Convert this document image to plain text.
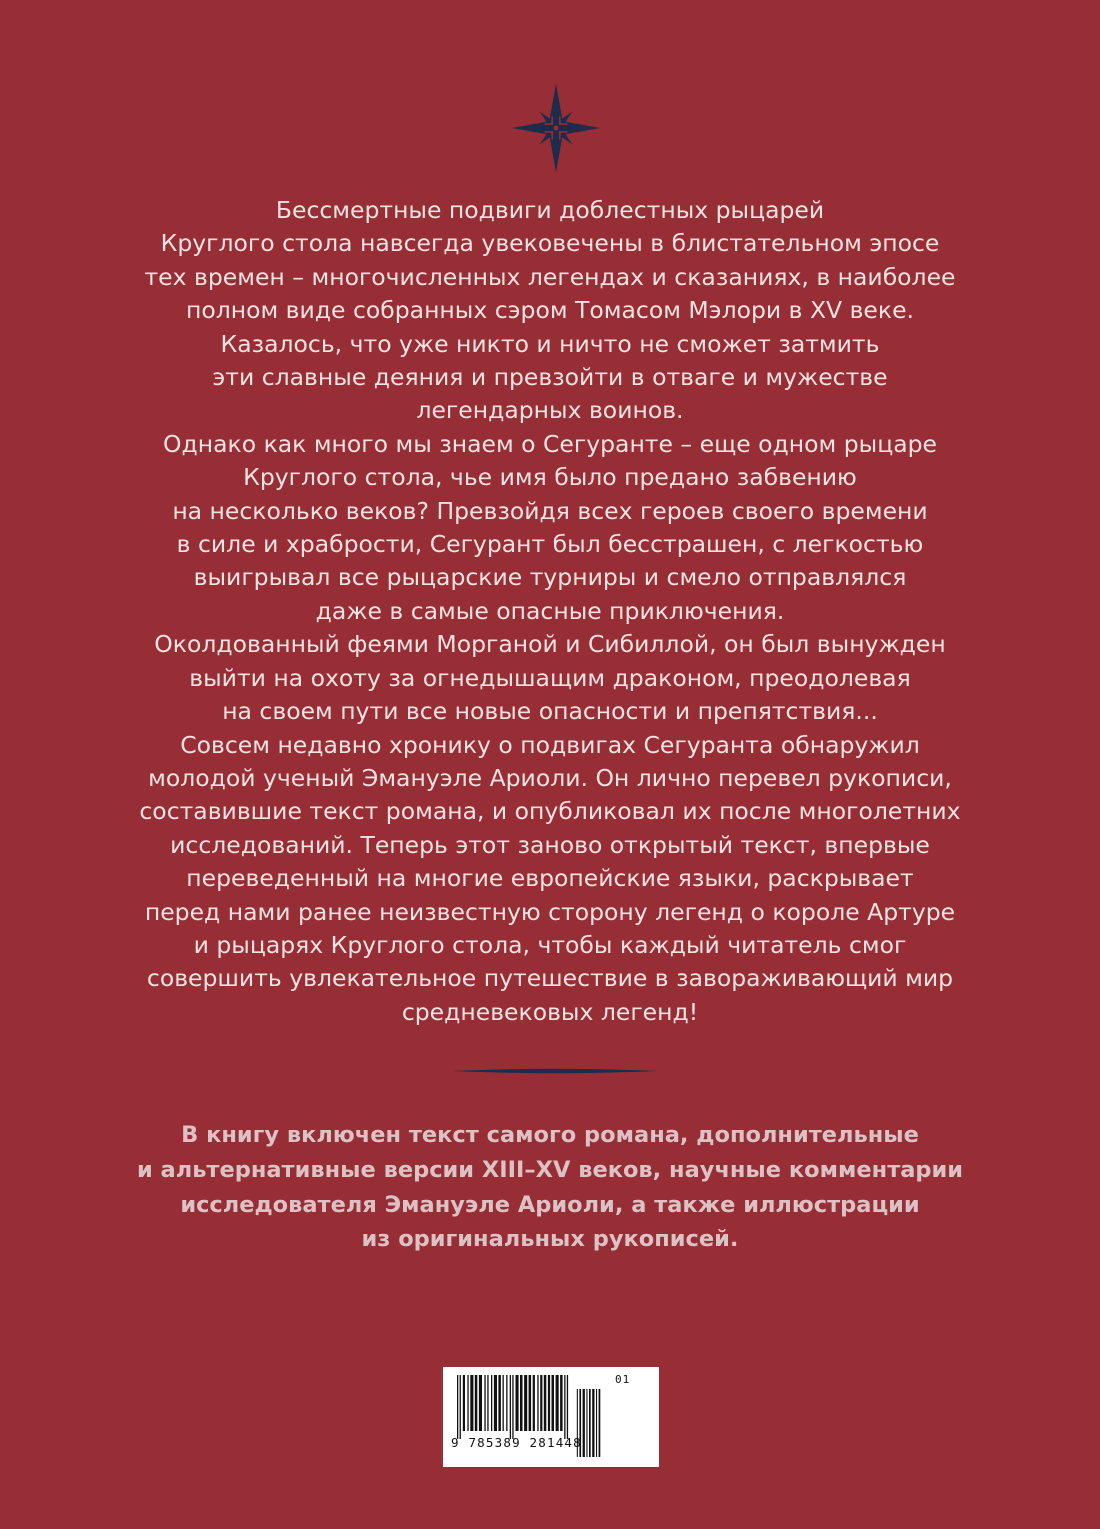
Бессмертные подвиги доблестных рыцарей
Круглого стола навсегда увековечены в блистательном эпосе
тех времен – многочисленных легендах и сказаниях, в наиболее
полном виде собранных сэром Томасом Мэлори в XV веке.
Казалось, что уже никто и ничто не сможет затмить
эти славные деяния и превзойти в отваге и мужестве
легендарных воинов.
Однако как много мы знаем о Сегуранте – еще одном рыцаре
Круглого стола, чье имя было предано забвению
на несколько веков? Превзойдя всех героев своего времени
в силе и храбрости, Сегурант был бесстрашен, с легкостью
выигрывал все рыцарские турниры и смело отправлялся
даже в самые опасные приключения.
Околдованный феями Морганой и Сибиллой, он был вынужден
выйти на охоту за огнедышащим драконом, преодолевая
на своем пути все новые опасности и препятствия...
Совсем недавно хронику о подвигах Сегуранта обнаружил
молодой ученый Эмануэле Ариоли. Он лично перевел рукописи,
составившие текст романа, и опубликовал их после многолетних
исследований. Теперь этот заново открытый текст, впервые
переведенный на многие европейские языки, раскрывает
перед нами ранее неизвестную сторону легенд о короле Артуре
и рыцарях Круглого стола, чтобы каждый читатель смог
совершить увлекательное путешествие в завораживающий мир
средневековых легенд!
В книгу включен текст самого романа, дополнительные
и альтернативные версии XIII–XV веков, научные комментарии
исследователя Эмануэле Ариоли, а также иллюстрации
из оригинальных рукописей.
9 785389 281448
01
